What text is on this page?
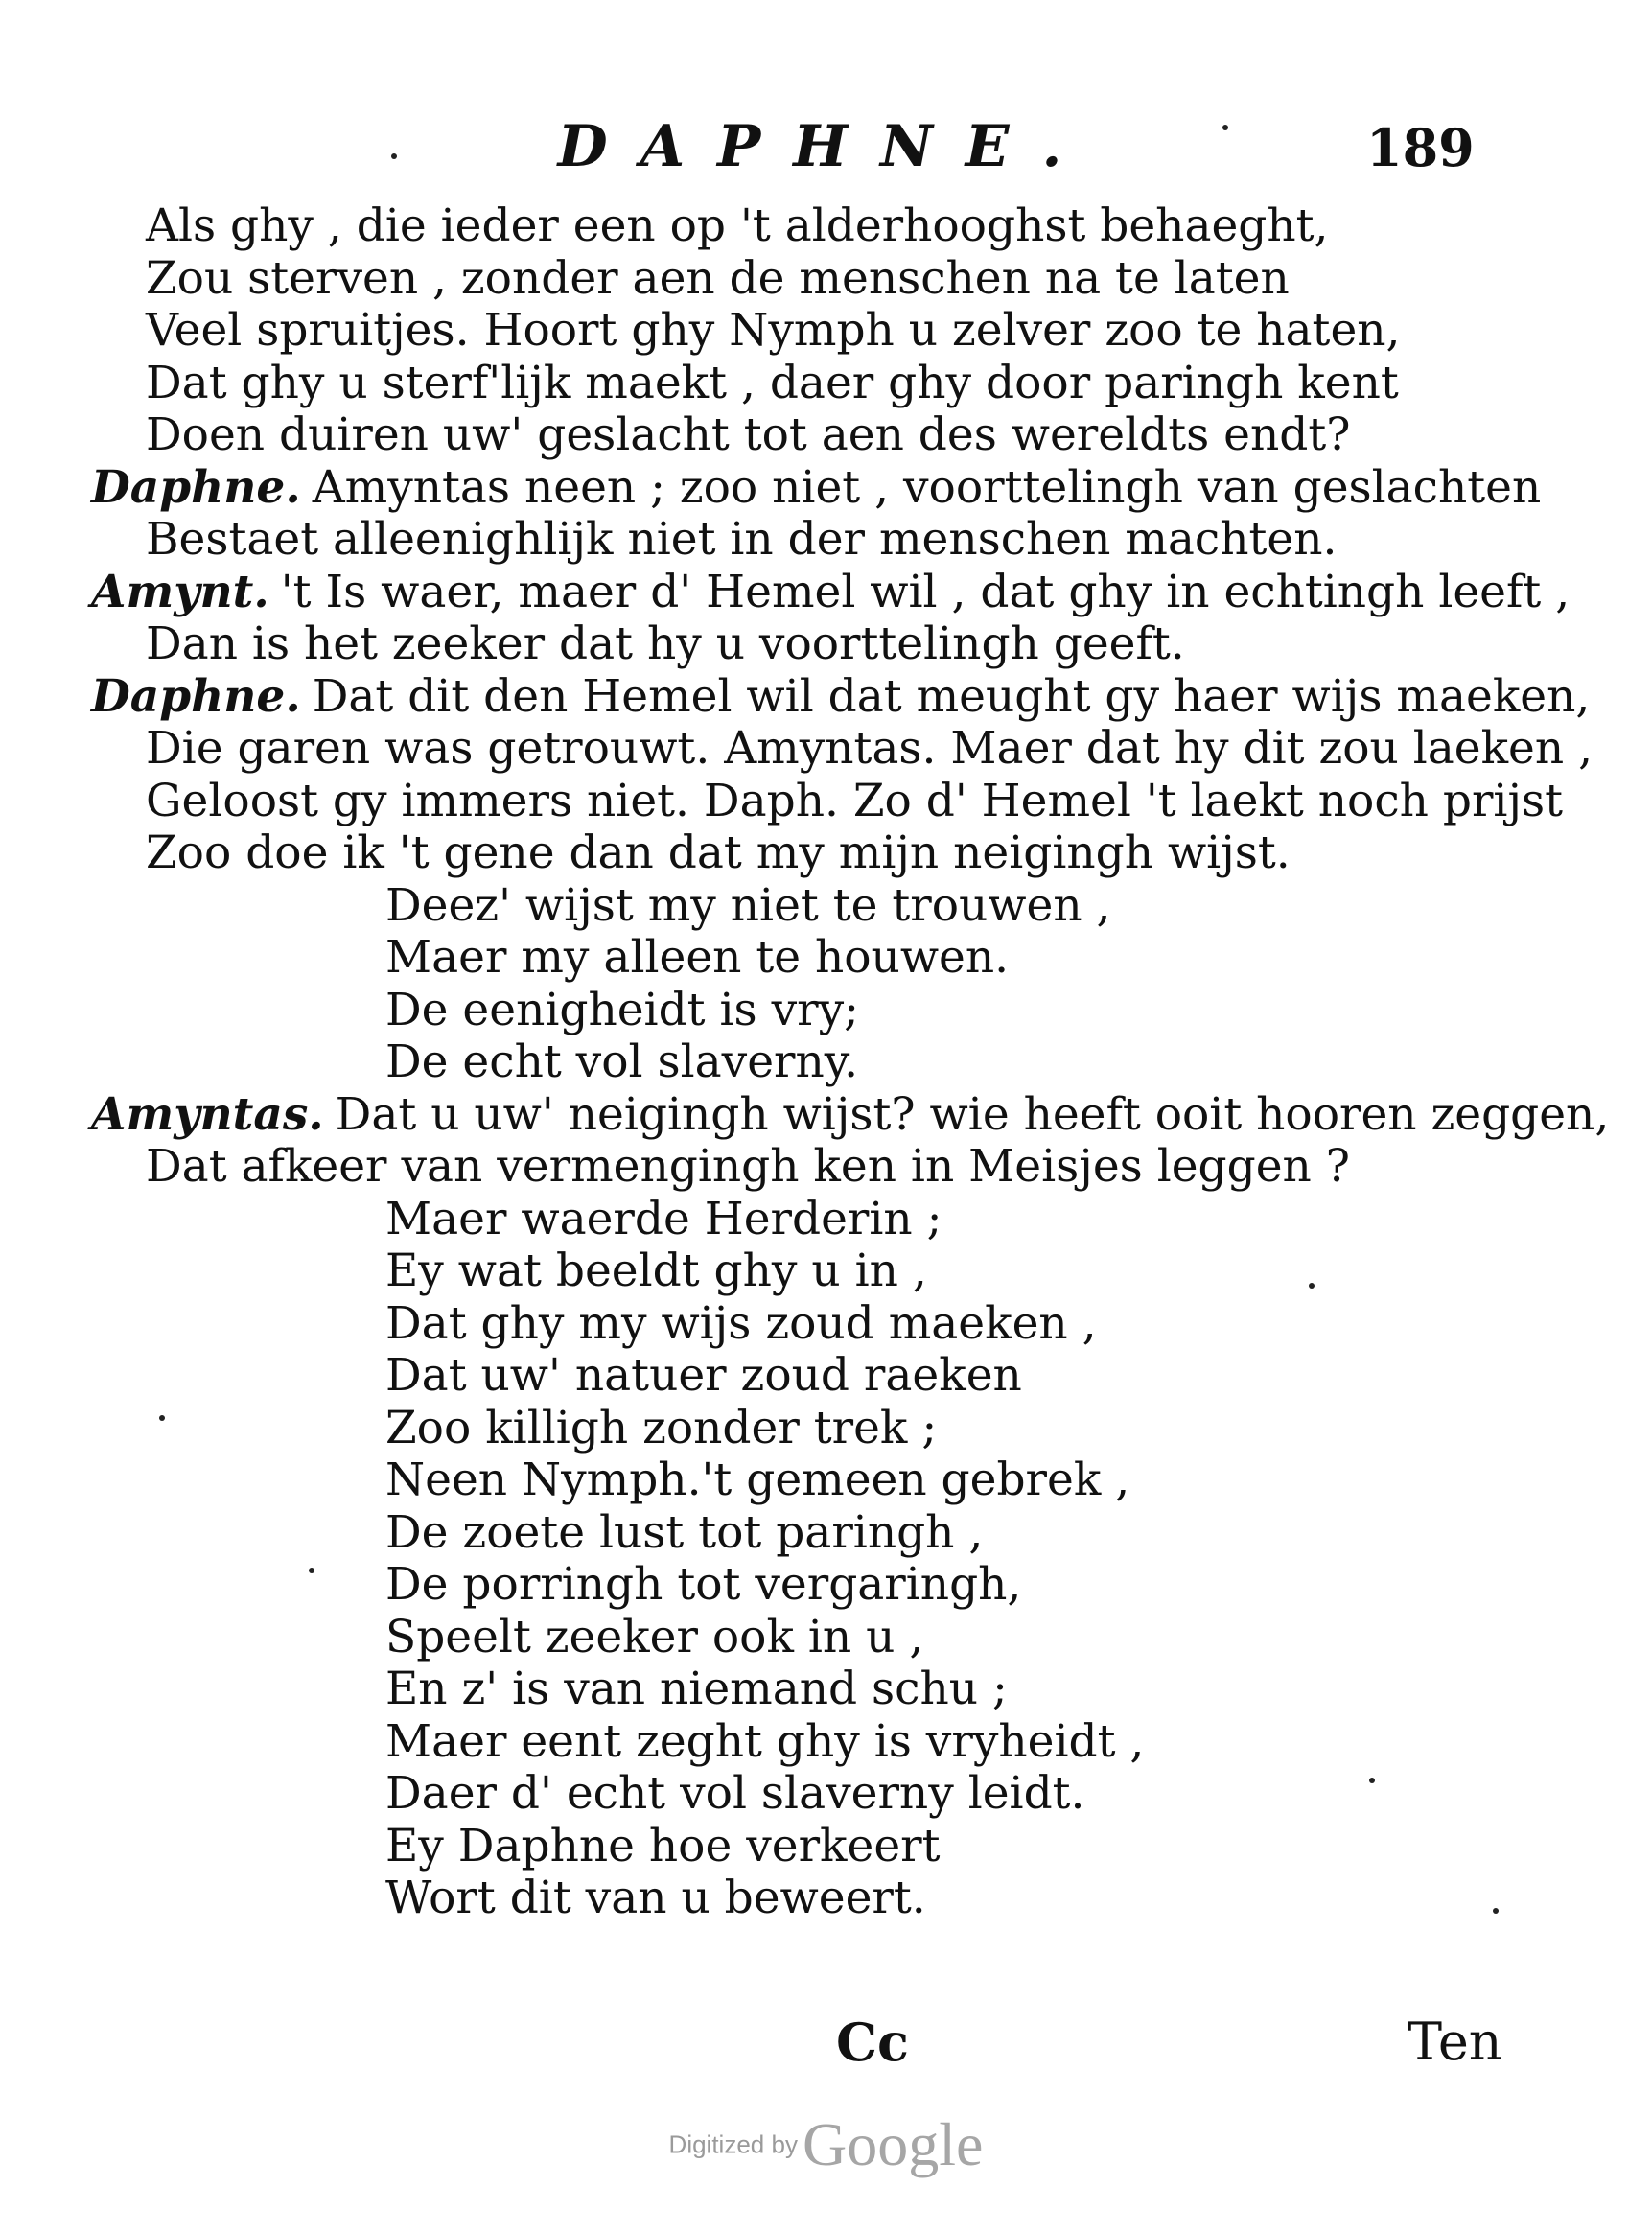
DAPHNE.	189
Als ghy , die ieder een op 't alderhooghst behaeght,
Zou sterven , zonder aen de menschen na te laten
Veel spruitjes. Hoort ghy Nymph u zelver zoo te haten,
Dat ghy u sterf'lijk maekt , daer ghy door paringh kent
Doen duiren uw' geslacht tot aen des wereldts endt?
Daphne. Amyntas neen ; zoo niet , voorttelingh van geslachten
Bestaet alleenighlijk niet in der menschen machten.
Amynt. 't Is waer, maer d' Hemel wil , dat ghy in echtingh leeft ,
Dan is het zeeker dat hy u voorttelingh geeft.
Daphne. Dat dit den Hemel wil dat meught gy haer wijs maeken,
Die garen was getrouwt. Amyntas. Maer dat hy dit zou laeken ,
Geloost gy immers niet. Daph. Zo d' Hemel 't laekt noch prijst
Zoo doe ik 't gene dan dat my mijn neigingh wijst.
Deez' wijst my niet te trouwen ,
Maer my alleen te houwen.
De eenigheidt is vry;
De echt vol slaverny.
Amyntas. Dat u uw' neigingh wijst? wie heeft ooit hooren zeggen,
Dat afkeer van vermengingh ken in Meisjes leggen ?
Maer waerde Herderin ;
Ey wat beeldt ghy u in ,
Dat ghy my wijs zoud maeken ,
Dat uw' natuer zoud raeken
Zoo killigh zonder trek ;
Neen Nymph.'t gemeen gebrek ,
De zoete lust tot paringh ,
De porringh tot vergaringh,
Speelt zeeker ook in u ,
En z' is van niemand schu ;
Maer eent zeght ghy is vryheidt ,
Daer d' echt vol slaverny leidt.
Ey Daphne hoe verkeert
Wort dit van u beweert.
Cc	Ten
Digitized by Google
